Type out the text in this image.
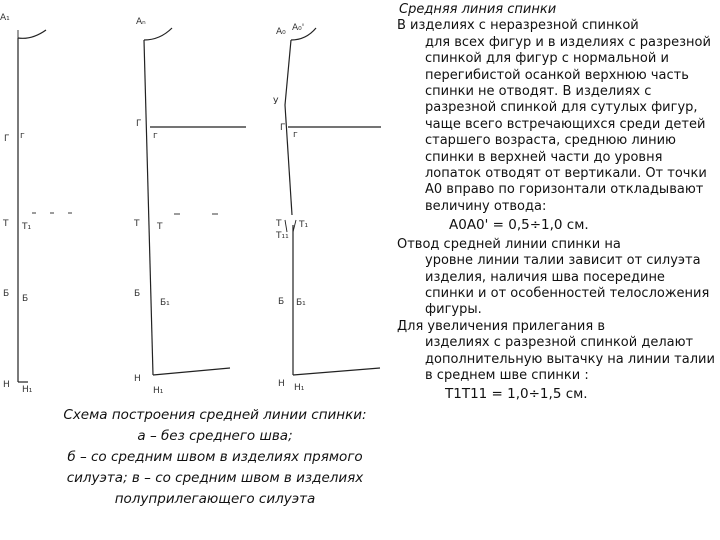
А₁
Г г
Т Т₁
Б Б
Н Н₁
Аₙ
Г
г
Т Т
Б
Б₁
Н
Н₁
А₀ А₀'
У
Г
г
Т Т₁
Т₁₁
Б Б₁
Н Н₁
Схема построения средней линии спинки:
а – без среднего шва;
б – со средним швом в изделиях прямого
силуэта; в – со средним швом в изделиях
полуприлегающего силуэта
Средняя линия спинки

В изделиях с неразрезной спинкой
для всех фигур и в изделиях с разрезной спинкой для фигур с нормальной и перегибистой осанкой верхнюю часть спинки не отводят. В изделиях с разрезной спинкой для сутулых фигур, чаще всего встречающихся среди детей старшего возраста, среднюю линию спинки в верхней части до уровня лопаток отводят от вертикали. От точки А0 вправо по горизонтали откладывают величину отвода:

А0А0' = 0,5÷1,0 см.

Отвод средней линии спинки на
уровне линии талии зависит от силуэта изделия, наличия шва посередине спинки и от особенностей телосложения фигуры.

Для увеличения прилегания в
изделиях с разрезной спинкой делают дополнительную вытачку на линии талии в среднем шве спинки :

Т1Т11 = 1,0÷1,5 см.
